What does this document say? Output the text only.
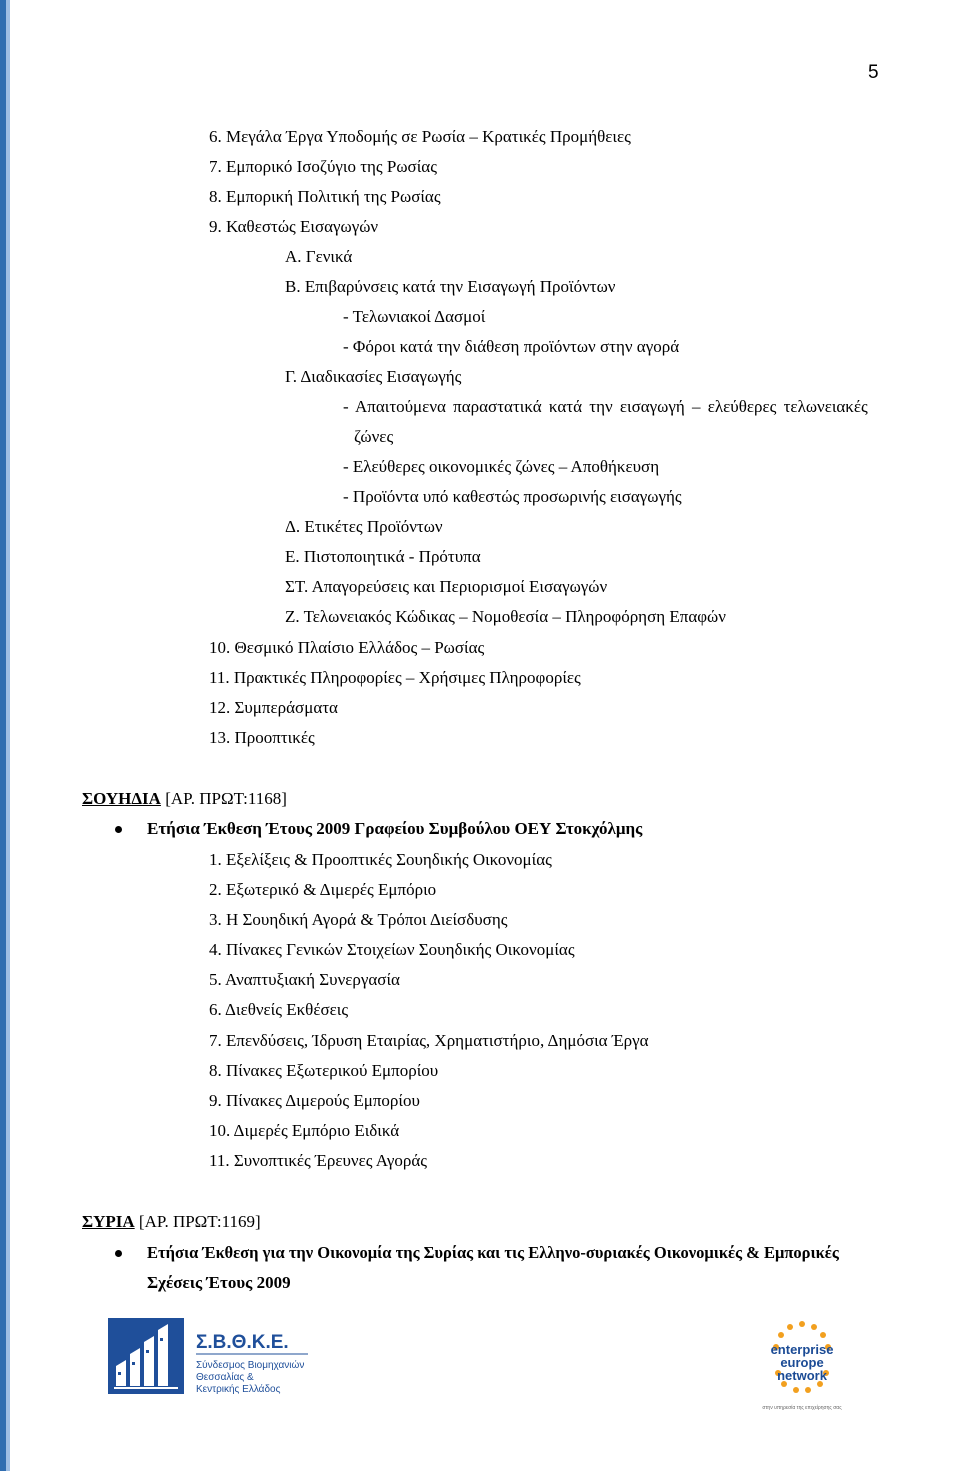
5
6. Μεγάλα Έργα Υποδομής σε Ρωσία – Κρατικές Προμήθειες
7. Εμπορικό Ισοζύγιο της Ρωσίας
8. Εμπορική Πολιτική της Ρωσίας
9. Καθεστώς Εισαγωγών
Α. Γενικά
Β. Επιβαρύνσεις κατά την Εισαγωγή Προϊόντων
- Τελωνιακοί Δασμοί
- Φόροι κατά την διάθεση προϊόντων στην αγορά
Γ. Διαδικασίες Εισαγωγής
- Απαιτούμενα παραστατικά κατά την εισαγωγή – ελεύθερες τελωνειακές
ζώνες
- Ελεύθερες οικονομικές ζώνες – Αποθήκευση
- Προϊόντα υπό καθεστώς προσωρινής εισαγωγής
Δ. Ετικέτες Προϊόντων
Ε. Πιστοποιητικά - Πρότυπα
ΣΤ. Απαγορεύσεις και Περιορισμοί Εισαγωγών
Ζ. Τελωνειακός Κώδικας – Νομοθεσία – Πληροφόρηση Επαφών
10. Θεσμικό Πλαίσιο Ελλάδος – Ρωσίας
11. Πρακτικές Πληροφορίες – Χρήσιμες Πληροφορίες
12. Συμπεράσματα
13. Προοπτικές
ΣΟΥΗΔΙΑ [ΑΡ. ΠΡΩΤ:1168]
Ετήσια Έκθεση Έτους 2009 Γραφείου Συμβούλου ΟΕΥ Στοκχόλμης
1. Εξελίξεις & Προοπτικές Σουηδικής Οικονομίας
2. Εξωτερικό & Διμερές Εμπόριο
3. Η Σουηδική Αγορά & Τρόποι Διείσδυσης
4. Πίνακες Γενικών Στοιχείων Σουηδικής Οικονομίας
5. Αναπτυξιακή Συνεργασία
6. Διεθνείς Εκθέσεις
7. Επενδύσεις, Ίδρυση Εταιρίας, Χρηματιστήριο, Δημόσια Έργα
8. Πίνακες Εξωτερικού Εμπορίου
9. Πίνακες Διμερούς Εμπορίου
10. Διμερές Εμπόριο Ειδικά
11. Συνοπτικές Έρευνες Αγοράς
ΣΥΡΙΑ [ΑΡ. ΠΡΩΤ:1169]
Ετήσια Έκθεση για την Οικονομία της Συρίας και τις Ελληνο-συριακές Οικονομικές & Εμπορικές
Σχέσεις Έτους 2009
Σ.Β.Θ.Κ.Ε.
Σύνδεσμος Βιομηχανιών
Θεσσαλίας &
Κεντρικής Ελλάδος
enterprise
europe
network
στην υπηρεσία της επιχείρησης σας
